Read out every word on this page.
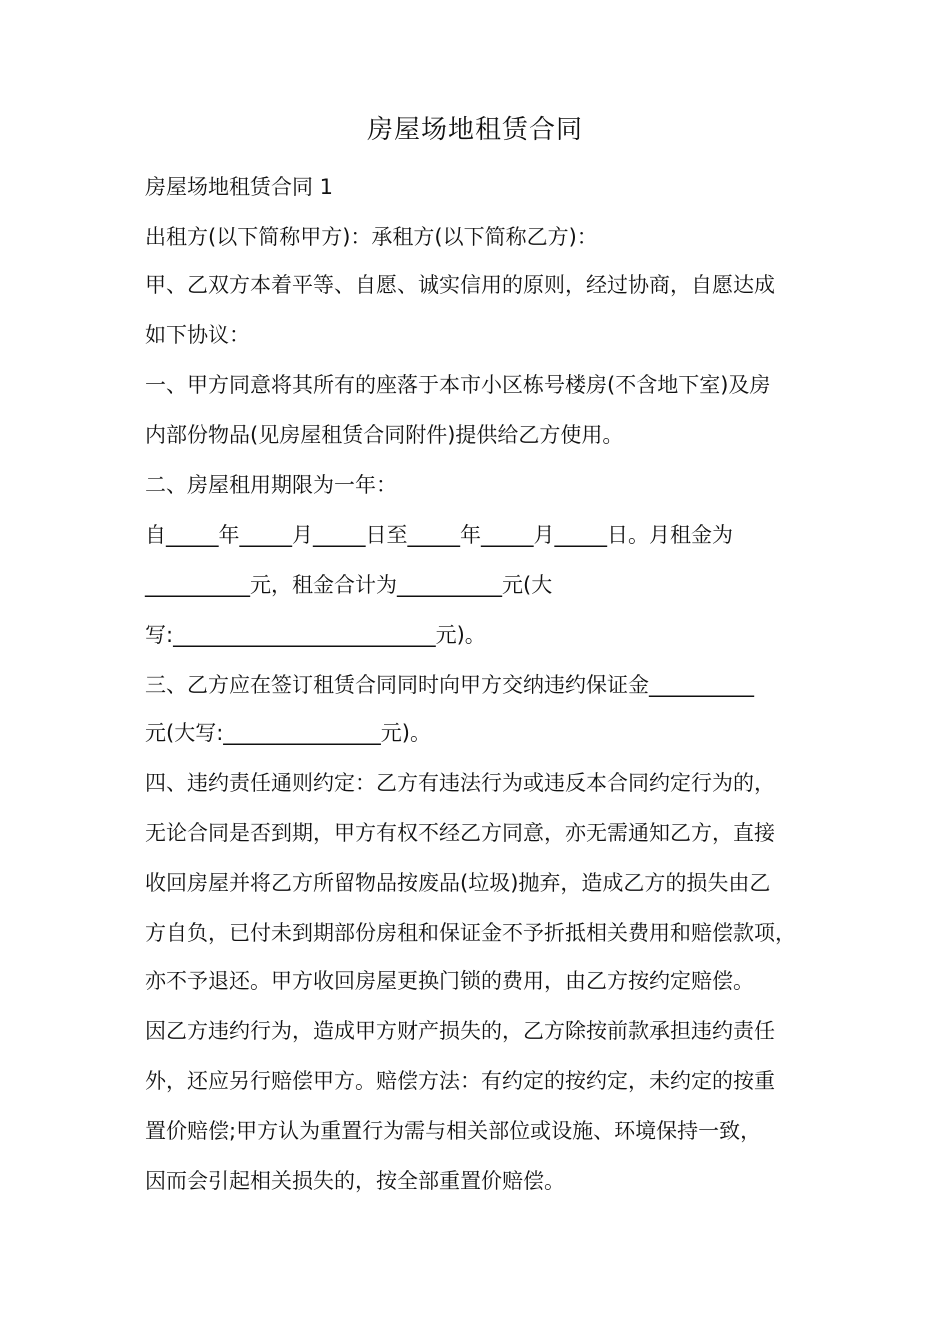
房屋场地租赁合同
房屋场地租赁合同 1
出租方(以下简称甲方)：承租方(以下简称乙方)：
甲、乙双方本着平等、自愿、诚实信用的原则，经过协商，自愿达成
如下协议：
一、甲方同意将其所有的座落于本市小区栋号楼房(不含地下室)及房
内部份物品(见房屋租赁合同附件)提供给乙方使用。
二、房屋租用期限为一年：
自_____年_____月_____日至_____年_____月_____日。月租金为
__________元，租金合计为__________元(大
写:_________________________元)。
三、乙方应在签订租赁合同同时向甲方交纳违约保证金__________
元(大写:_______________元)。
四、违约责任通则约定：乙方有违法行为或违反本合同约定行为的，
无论合同是否到期，甲方有权不经乙方同意，亦无需通知乙方，直接
收回房屋并将乙方所留物品按废品(垃圾)抛弃，造成乙方的损失由乙
方自负，已付未到期部份房租和保证金不予折抵相关费用和赔偿款项，
亦不予退还。甲方收回房屋更换门锁的费用，由乙方按约定赔偿。
因乙方违约行为，造成甲方财产损失的，乙方除按前款承担违约责任
外，还应另行赔偿甲方。赔偿方法：有约定的按约定，未约定的按重
置价赔偿;甲方认为重置行为需与相关部位或设施、环境保持一致，
因而会引起相关损失的，按全部重置价赔偿。
